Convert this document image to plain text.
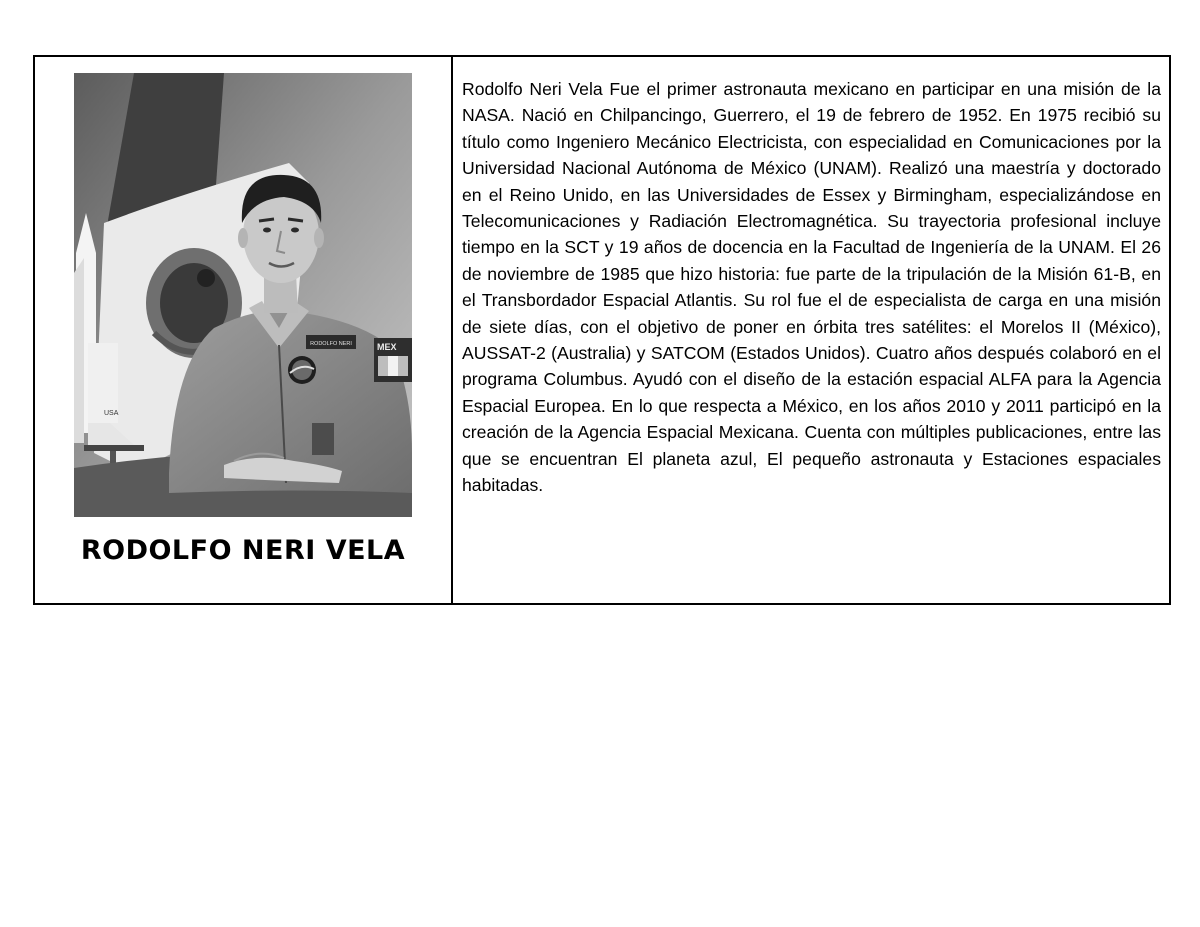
USA
RODOLFO NERI	MEX
RODOLFO NERI VELA

Rodolfo Neri Vela Fue el primer astronauta mexicano en participar en una misión de la NASA. Nació en Chilpancingo, Guerrero, el 19 de febrero de 1952. En 1975 recibió su título como Ingeniero Mecánico Electricista, con especialidad en Comunicaciones por la Universidad Nacional Autónoma de México (UNAM). Realizó una maestría y doctorado en el Reino Unido, en las Universidades de Essex y Birmingham, especializándose en Telecomunicaciones y Radiación Electromagnética. Su trayectoria profesional incluye tiempo en la SCT y 19 años de docencia en la Facultad de Ingeniería de la UNAM. El 26 de noviembre de 1985 que hizo historia: fue parte de la tripulación de la Misión 61-B, en el Transbordador Espacial Atlantis. Su rol fue el de especialista de carga en una misión de siete días, con el objetivo de poner en órbita tres satélites: el Morelos II (México), AUSSAT-2 (Australia) y SATCOM (Estados Unidos). Cuatro años después colaboró en el programa Columbus. Ayudó con el diseño de la estación espacial ALFA para la Agencia Espacial Europea. En lo que respecta a México, en los años 2010 y 2011 participó en la creación de la Agencia Espacial Mexicana. Cuenta con múltiples publicaciones, entre las que se encuentran El planeta azul, El pequeño astronauta y Estaciones espaciales habitadas.
